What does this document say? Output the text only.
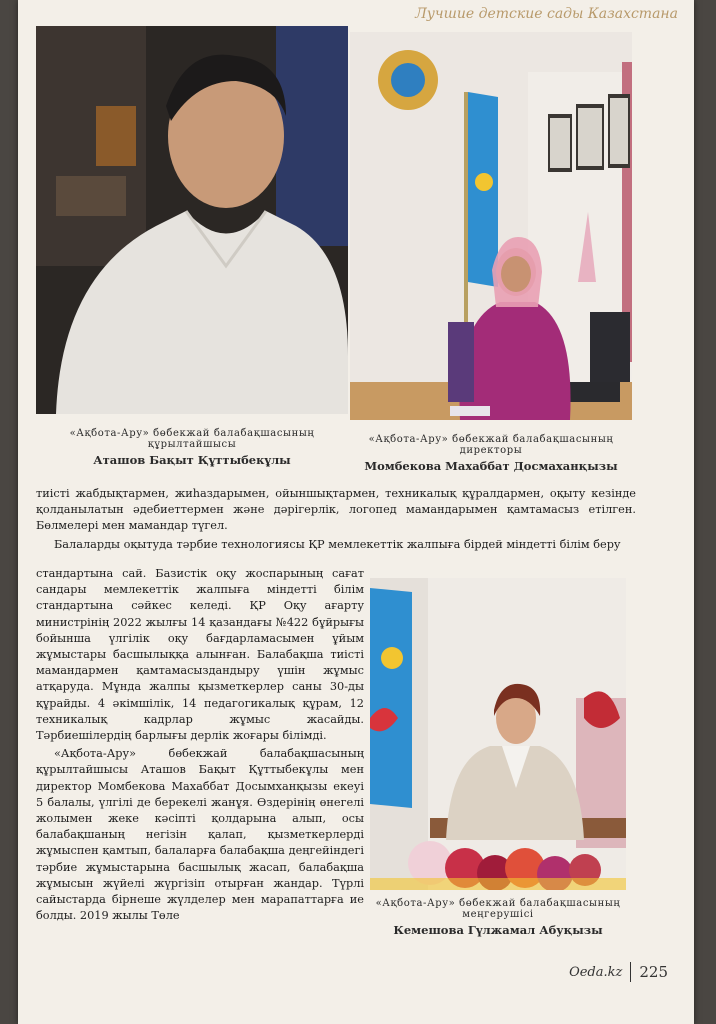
Лучшие детские сады Казахстана
«Ақбота-Ару» бөбекжай балабақшасының
құрылтайшысы
Аташов Бақыт Құттыбекұлы
«Ақбота-Ару» бөбекжай балабақшасының
директоры
Момбекова Махаббат Досмаханқызы

тиісті жабдықтармен, жиһаздарымен, ойыншықтармен, техникалық құралдармен, оқыту кезінде қолданылатын әдебиеттермен және дәрігерлік, логопед мамандарымен қамтамасыз етілген. Бөлмелері мен мамандар түгел.

Балаларды оқытуда тәрбие технологиясы ҚР мемлекеттік жалпыға бірдей міндетті білім беру

стандартына сай. Базистік оқу жоспарының сағат сандары мемлекеттік жалпыға міндетті білім стандартына сәйкес келеді. ҚР Оқу ағарту министрінің 2022 жылғы 14 қазандағы №422 бұйрығы бойынша үлгілік оқу бағдарламасымен ұйым жұмыстары басшылыққа алынған. Балабақша тиісті мамандармен қамтамасыздандыру үшін жұмыс атқаруда. Мұнда жалпы қызметкерлер саны 30-ды құрайды. 4 әкімшілік, 14 педагогикалық құрам, 12 техникалық кадрлар жұмыс жасайды. Тәрбиешілердің барлығы дерлік жоғары білімді.

«Ақбота-Ару» бөбекжай балабақшасының құрылтайшысы Аташов Бақыт Құттыбекұлы мен директор Момбекова Махаббат Досымханқызы екеуі 5 балалы, үлгілі де берекелі жанұя. Өздерінің өнегелі жолымен жеке кәсіпті қолдарына алып, осы балабақшаның негізін қалап, қызметкерлерді жұмыспен қамтып, балаларға балабақша деңгейіндегі тәрбие жұмыстарына басшылық жасап, балабақша жұмысын жүйелі жүргізіп отырған жандар. Түрлі сайыстарда бірнеше жүлделер мен марапаттарға ие болды. 2019 жылы Төле

«Ақбота-Ару» бөбекжай балабақшасының
меңгерушісі
Кемешова Гүлжамал Абуқызы
Oeda.kz 225
